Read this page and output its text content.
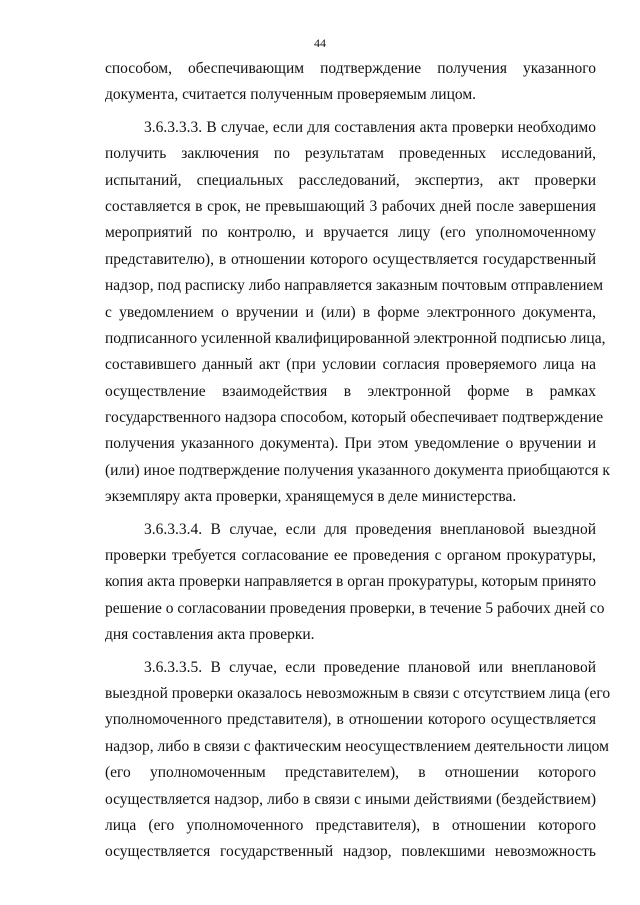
44
способом, обеспечивающим подтверждение получения указанного
документа, считается полученным проверяемым лицом.
3.6.3.3.3. В случае, если для составления акта проверки необходимо
получить заключения по результатам проведенных исследований,
испытаний, специальных расследований, экспертиз, акт проверки
составляется в срок, не превышающий 3 рабочих дней после завершения
мероприятий по контролю, и вручается лицу (его уполномоченному
представителю), в отношении которого осуществляется государственный
надзор, под расписку либо направляется заказным почтовым отправлением
с уведомлением о вручении и (или) в форме электронного документа,
подписанного усиленной квалифицированной электронной подписью лица,
составившего данный акт (при условии согласия проверяемого лица на
осуществление взаимодействия в электронной форме в рамках
государственного надзора способом, который обеспечивает подтверждение
получения указанного документа). При этом уведомление о вручении и
(или) иное подтверждение получения указанного документа приобщаются к
экземпляру акта проверки, хранящемуся в деле министерства.
3.6.3.3.4. В случае, если для проведения внеплановой выездной
проверки требуется согласование ее проведения с органом прокуратуры,
копия акта проверки направляется в орган прокуратуры, которым принято
решение о согласовании проведения проверки, в течение 5 рабочих дней со
дня составления акта проверки.
3.6.3.3.5. В случае, если проведение плановой или внеплановой
выездной проверки оказалось невозможным в связи с отсутствием лица (его
уполномоченного представителя), в отношении которого осуществляется
надзор, либо в связи с фактическим неосуществлением деятельности лицом
(его уполномоченным представителем), в отношении которого
осуществляется надзор, либо в связи с иными действиями (бездействием)
лица (его уполномоченного представителя), в отношении которого
осуществляется государственный надзор, повлекшими невозможность
